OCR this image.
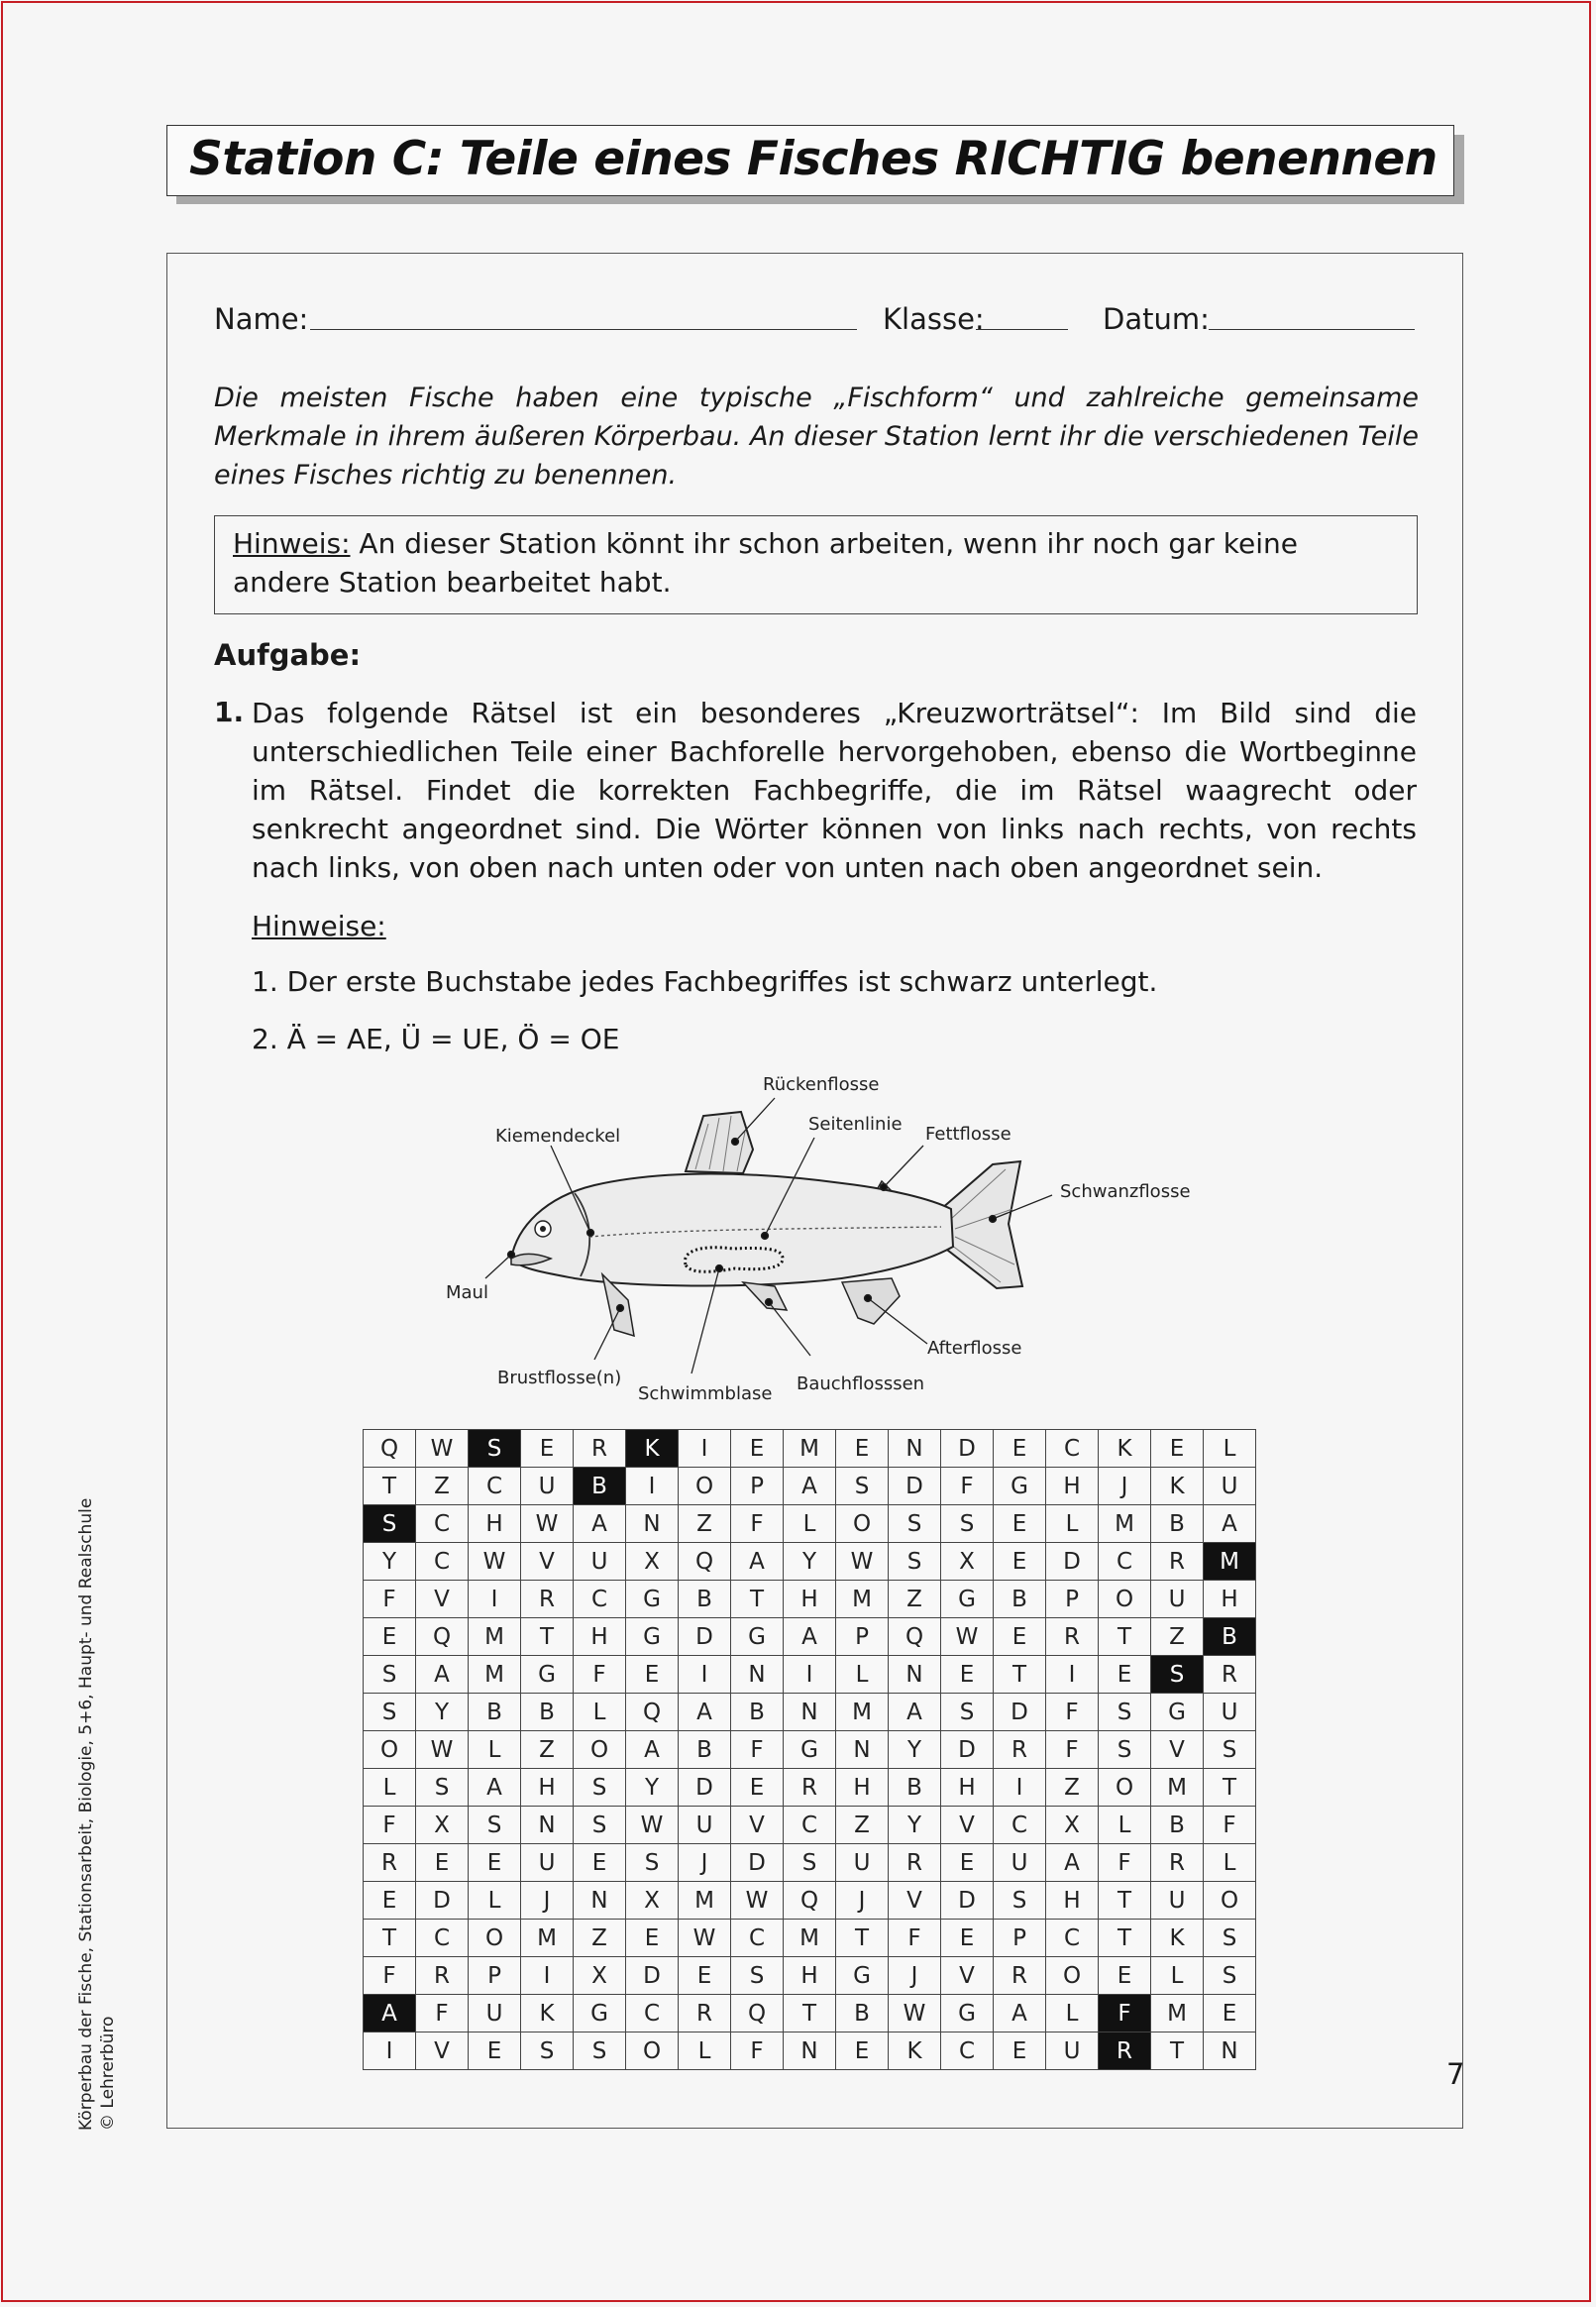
Station C: Teile eines Fisches RICHTIG benennen
Name:	Klasse:	Datum:
Die meisten Fische haben eine typische „Fischform“ und zahlreiche gemeinsame Merkmale in ihrem äußeren Körperbau. An dieser Station lernt ihr die verschiedenen Teile eines Fisches richtig zu benennen.
Hinweis: An dieser Station könnt ihr schon arbeiten, wenn ihr noch gar keine andere Station bearbeitet habt.
Aufgabe:
1. Das folgende Rätsel ist ein besonderes „Kreuzworträtsel“: Im Bild sind die unterschiedlichen Teile einer Bachforelle hervorgehoben, ebenso die Wortbeginne im Rätsel. Findet die korrekten Fachbegriffe, die im Rätsel waagrecht oder senkrecht angeordnet sind. Die Wörter können von links nach rechts, von rechts nach links, von oben nach unten oder von unten nach oben angeordnet sein.
Hinweise:
1. Der erste Buchstabe jedes Fachbegriffes ist schwarz unterlegt.
2. Ä = AE, Ü = UE, Ö = OE
Rückenflosse
Kiemendeckel
Seitenlinie Fettflosse
Schwanzflosse
Maul
Brustflosse(n)
Schwimmblase Bauchflosssen
Afterflosse
Q	W	S	E	R	K	I	E	M	E	N	D	E	C	K	E	L
T	Z	C	U	B	I	O	P	A	S	D	F	G	H	J	K	U
S	C	H	W	A	N	Z	F	L	O	S	S	E	L	M	B	A
Y	C	W	V	U	X	Q	A	Y	W	S	X	E	D	C	R	M
F	V	I	R	C	G	B	T	H	M	Z	G	B	P	O	U	H
E	Q	M	T	H	G	D	G	A	P	Q	W	E	R	T	Z	B
S	A	M	G	F	E	I	N	I	L	N	E	T	I	E	S	R
S	Y	B	B	L	Q	A	B	N	M	A	S	D	F	S	G	U
O	W	L	Z	O	A	B	F	G	N	Y	D	R	F	S	V	S
L	S	A	H	S	Y	D	E	R	H	B	H	I	Z	O	M	T
F	X	S	N	S	W	U	V	C	Z	Y	V	C	X	L	B	F
R	E	E	U	E	S	J	D	S	U	R	E	U	A	F	R	L
E	D	L	J	N	X	M	W	Q	J	V	D	S	H	T	U	O
T	C	O	M	Z	E	W	C	M	T	F	E	P	C	T	K	S
F	R	P	I	X	D	E	S	H	G	J	V	R	O	E	L	S
A	F	U	K	G	C	R	Q	T	B	W	G	A	L	F	M	E
I	V	E	S	S	O	L	F	N	E	K	C	E	U	R	T	N
Körperbau der Fische, Stationsarbeit, Biologie, 5+6, Haupt- und Realschule © Lehrerbüro	7
